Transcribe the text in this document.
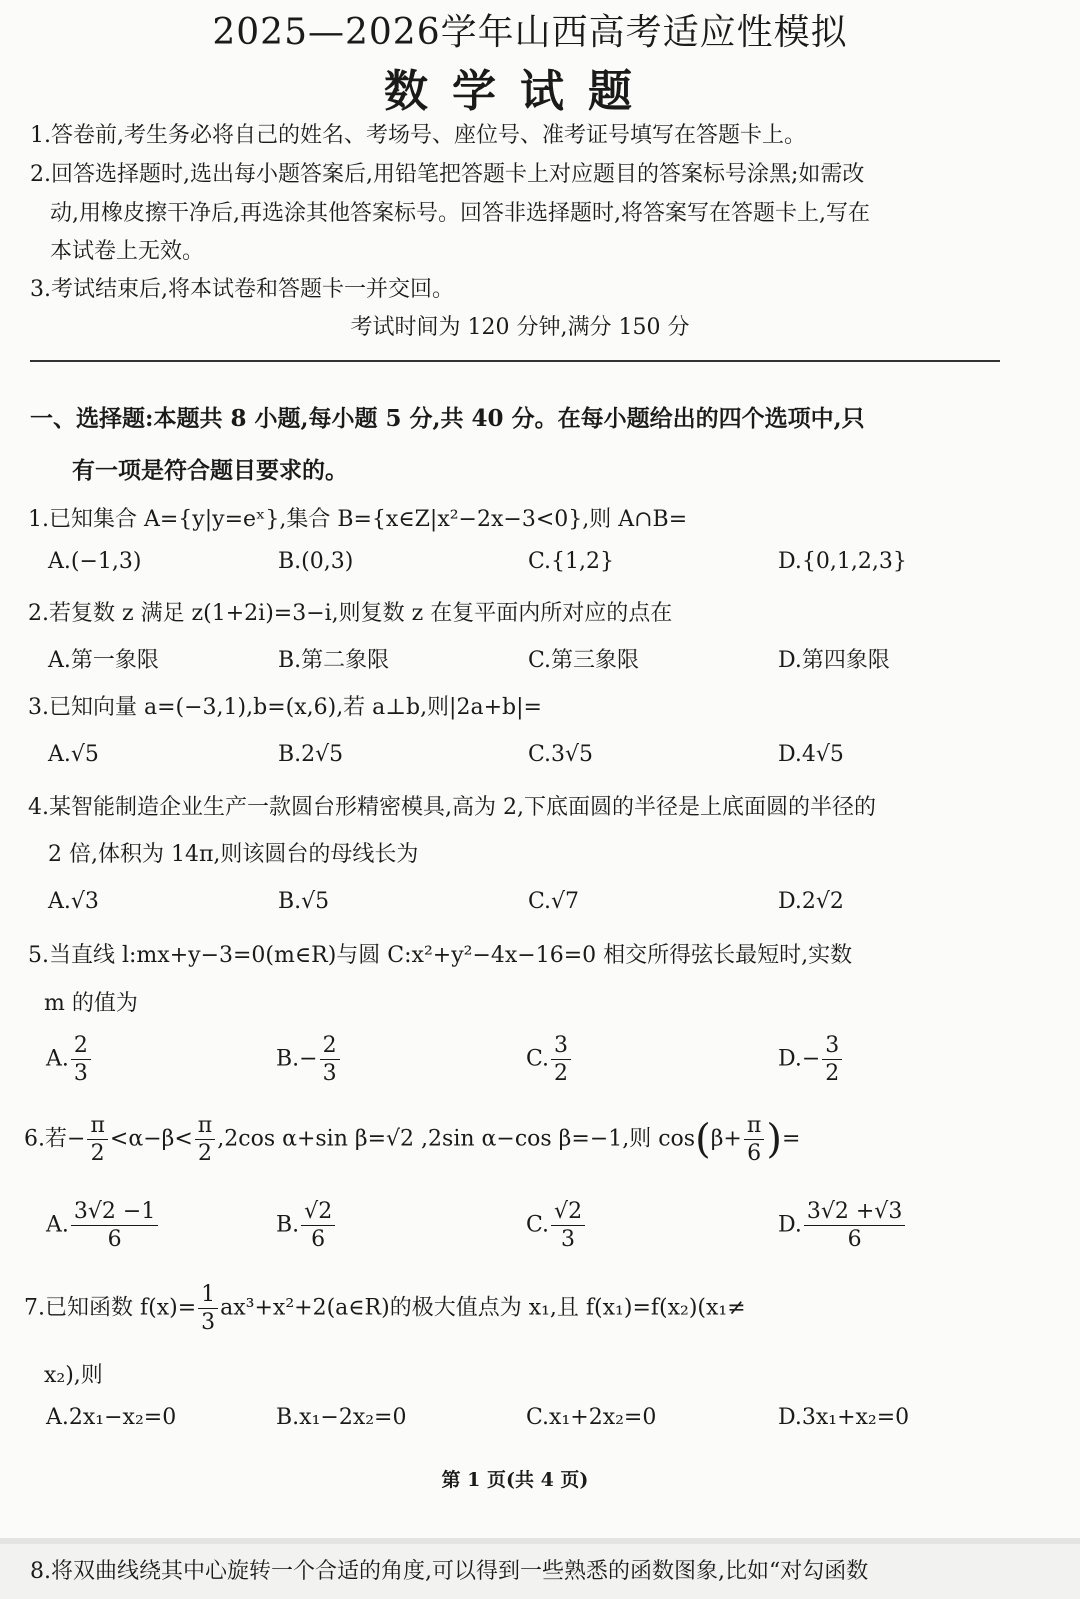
2025—2026学年山西高考适应性模拟
数学试题
1.答卷前,考生务必将自己的姓名、考场号、座位号、准考证号填写在答题卡上。
2.回答选择题时,选出每小题答案后,用铅笔把答题卡上对应题目的答案标号涂黑;如需改
动,用橡皮擦干净后,再选涂其他答案标号。回答非选择题时,将答案写在答题卡上,写在
本试卷上无效。
3.考试结束后,将本试卷和答题卡一并交回。
考试时间为 120 分钟,满分 150 分
一、选择题:本题共 8 小题,每小题 5 分,共 40 分。在每小题给出的四个选项中,只
有一项是符合题目要求的。
1.已知集合 A={y|y=eˣ},集合 B={x∈Z|x²−2x−3<0},则 A∩B=
A.(−1,3)	B.(0,3)	C.{1,2}	D.{0,1,2,3}
2.若复数 z 满足 z(1+2i)=3−i,则复数 z 在复平面内所对应的点在
A.第一象限	B.第二象限	C.第三象限	D.第四象限
3.已知向量 a=(−3,1),b=(x,6),若 a⊥b,则|2a+b|=
A.√5	B.2√5	C.3√5	D.4√5
4.某智能制造企业生产一款圆台形精密模具,高为 2,下底面圆的半径是上底面圆的半径的
2 倍,体积为 14π,则该圆台的母线长为
A.√3	B.√5	C.√7	D.2√2
5.当直线 l:mx+y−3=0(m∈R)与圆 C:x²+y²−4x−16=0 相交所得弦长最短时,实数
m 的值为
A. $\frac{2}{3}$	$B.- \frac{2}{3}$	C. $\frac{3}{2}$	$D.- \frac{3}{2}$
6.若− $\frac{\pi}{2} <\alpha-\beta< \frac{\pi}{2} ,2\cos$ α+sin β=√2 ,2sin α−cos β=−1,则 $\cos(\beta+ \frac{\pi}{6}$ )=
A. $\frac{3√2 -1}{6}$	B. $\frac{√2}{6}$	C. $\frac{√2}{3}$	D. $\frac{3√2 +√3}{6}$
7.已知函数 $f(x)= \frac{1}{3}$ ax³+x²+2(a∈R)的极大值点为 x₁,且 f(x₁)=f(x₂)(x₁≠
x₂),则
A.2x₁−x₂=0	B.x₁−2x₂=0	C.x₁+2x₂=0	D.3x₁+x₂=0
第 1 页(共 4 页)
8.将双曲线绕其中心旋转一个合适的角度,可以得到一些熟悉的函数图象,比如“对勾函数
